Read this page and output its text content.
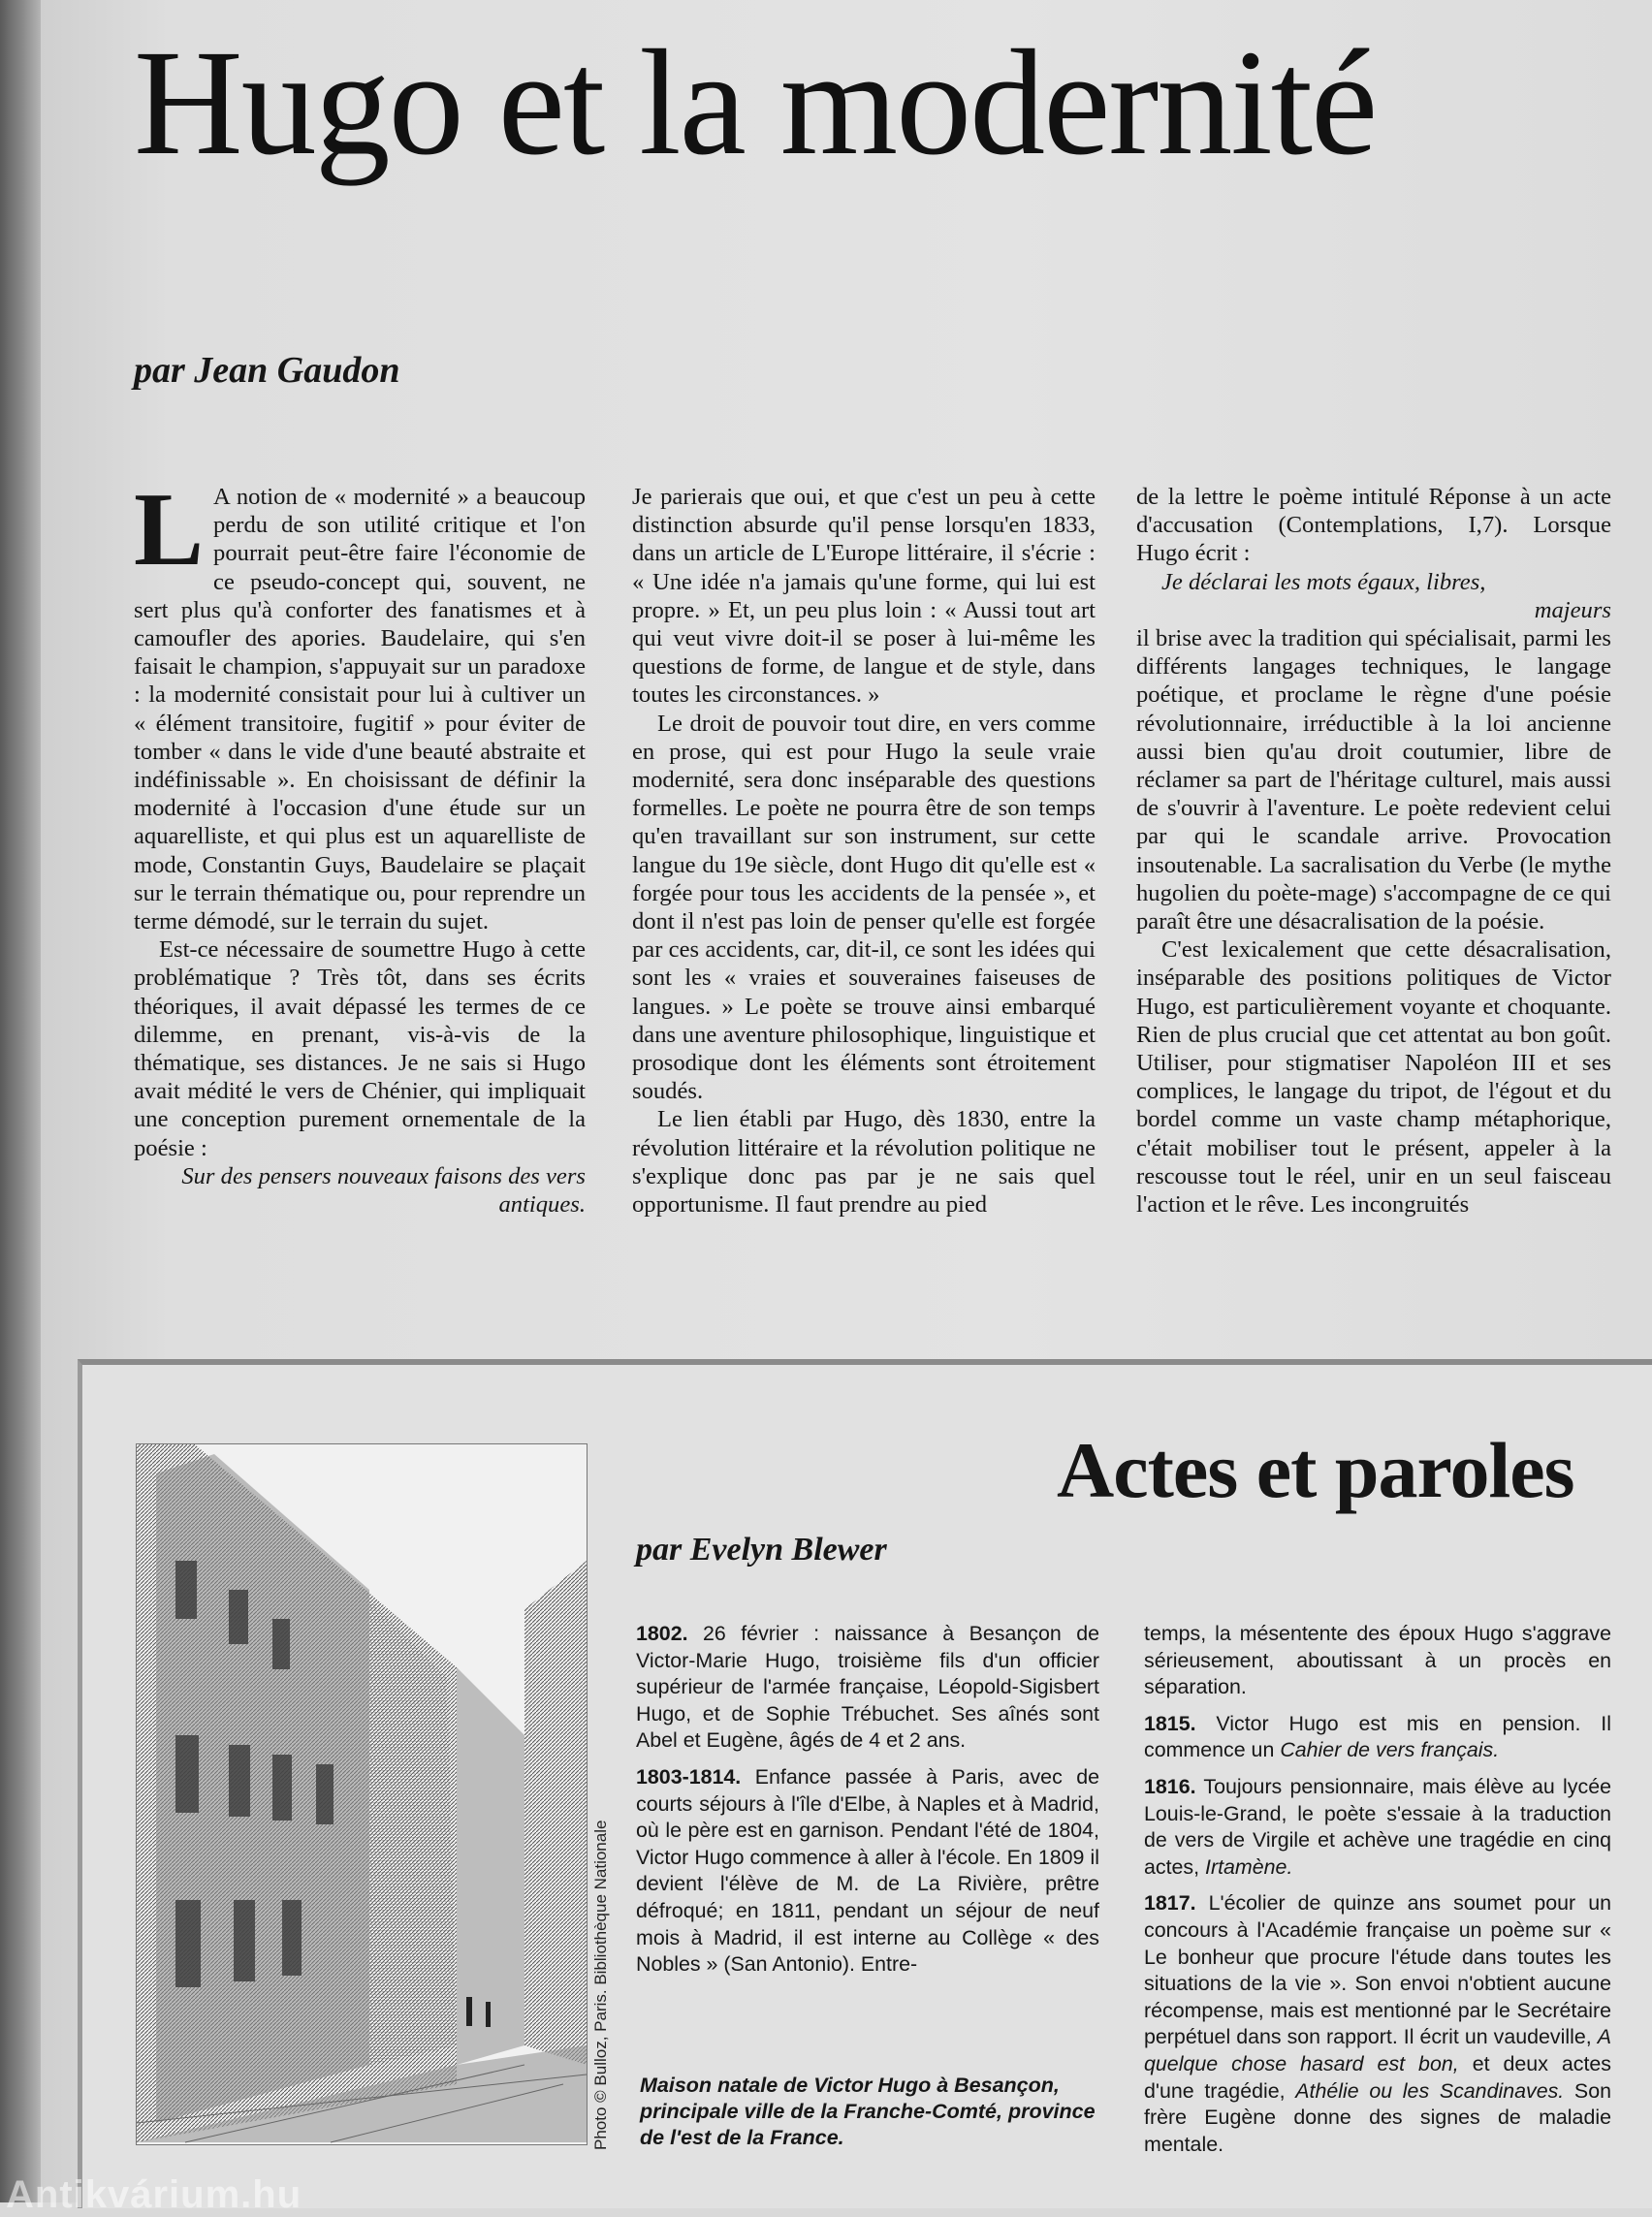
Hugo et la modernité
par Jean Gaudon

L A notion de « modernité » a beaucoup perdu de son utilité critique et l'on pourrait peut-être faire l'économie de ce pseudo-concept qui, souvent, ne sert plus qu'à conforter des fanatismes et à camoufler des apories. Baudelaire, qui s'en faisait le champion, s'appuyait sur un paradoxe : la modernité consistait pour lui à cultiver un « élément transitoire, fugitif » pour éviter de tomber « dans le vide d'une beauté abstraite et indéfinissable ». En choisissant de définir la modernité à l'occasion d'une étude sur un aquarelliste, et qui plus est un aquarelliste de mode, Constantin Guys, Baudelaire se plaçait sur le terrain thématique ou, pour reprendre un terme démodé, sur le terrain du sujet.

Est-ce nécessaire de soumettre Hugo à cette problématique ? Très tôt, dans ses écrits théoriques, il avait dépassé les termes de ce dilemme, en prenant, vis-à-vis de la thématique, ses distances. Je ne sais si Hugo avait médité le vers de Chénier, qui impliquait une conception purement ornementale de la poésie :

Sur des pensers nouveaux faisons des vers antiques.

Je parierais que oui, et que c'est un peu à cette distinction absurde qu'il pense lorsqu'en 1833, dans un article de L'Europe littéraire, il s'écrie : « Une idée n'a jamais qu'une forme, qui lui est propre. » Et, un peu plus loin : « Aussi tout art qui veut vivre doit-il se poser à lui-même les questions de forme, de langue et de style, dans toutes les circonstances. »

Le droit de pouvoir tout dire, en vers comme en prose, qui est pour Hugo la seule vraie modernité, sera donc inséparable des questions formelles. Le poète ne pourra être de son temps qu'en travaillant sur son instrument, sur cette langue du 19e siècle, dont Hugo dit qu'elle est « forgée pour tous les accidents de la pensée », et dont il n'est pas loin de penser qu'elle est forgée par ces accidents, car, dit-il, ce sont les idées qui sont les « vraies et souveraines faiseuses de langues. » Le poète se trouve ainsi embarqué dans une aventure philosophique, linguistique et prosodique dont les éléments sont étroitement soudés.

Le lien établi par Hugo, dès 1830, entre la révolution littéraire et la révolution politique ne s'explique donc pas par je ne sais quel opportunisme. Il faut prendre au pied

de la lettre le poème intitulé Réponse à un acte d'accusation (Contemplations, I,7). Lorsque Hugo écrit :

Je déclarai les mots égaux, libres,
majeurs

il brise avec la tradition qui spécialisait, parmi les différents langages techniques, le langage poétique, et proclame le règne d'une poésie révolutionnaire, irréductible à la loi ancienne aussi bien qu'au droit coutumier, libre de réclamer sa part de l'héritage culturel, mais aussi de s'ouvrir à l'aventure. Le poète redevient celui par qui le scandale arrive. Provocation insoutenable. La sacralisation du Verbe (le mythe hugolien du poète-mage) s'accompagne de ce qui paraît être une désacralisation de la poésie.

C'est lexicalement que cette désacralisation, inséparable des positions politiques de Victor Hugo, est particulièrement voyante et choquante. Rien de plus crucial que cet attentat au bon goût. Utiliser, pour stigmatiser Napoléon III et ses complices, le langage du tripot, de l'égout et du bordel comme un vaste champ métaphorique, c'était mobiliser tout le présent, appeler à la rescousse tout le réel, unir en un seul faisceau l'action et le rêve. Les incongruités

Photo © Bulloz, Paris. Bibliothèque Nationale
Actes et paroles
par Evelyn Blewer

1802. 26 février : naissance à Besançon de Victor-Marie Hugo, troisième fils d'un officier supérieur de l'armée française, Léopold-Sigisbert Hugo, et de Sophie Trébuchet. Ses aînés sont Abel et Eugène, âgés de 4 et 2 ans.

1803-1814. Enfance passée à Paris, avec de courts séjours à l'île d'Elbe, à Naples et à Madrid, où le père est en garnison. Pendant l'été de 1804, Victor Hugo commence à aller à l'école. En 1809 il devient l'élève de M. de La Rivière, prêtre défroqué; en 1811, pendant un séjour de neuf mois à Madrid, il est interne au Collège « des Nobles » (San Antonio). Entre-

Maison natale de Victor Hugo à Besançon, principale ville de la Franche-Comté, province de l'est de la France.

temps, la mésentente des époux Hugo s'aggrave sérieusement, aboutissant à un procès en séparation.

1815. Victor Hugo est mis en pension. Il commence un Cahier de vers français.

1816. Toujours pensionnaire, mais élève au lycée Louis-le-Grand, le poète s'essaie à la traduction de vers de Virgile et achève une tragédie en cinq actes, Irtamène.

1817. L'écolier de quinze ans soumet pour un concours à l'Académie française un poème sur « Le bonheur que procure l'étude dans toutes les situations de la vie ». Son envoi n'obtient aucune récompense, mais est mentionné par le Secrétaire perpétuel dans son rapport. Il écrit un vaudeville, A quelque chose hasard est bon, et deux actes d'une tragédie, Athélie ou les Scandinaves. Son frère Eugène donne des signes de maladie mentale.

Antikvárium.hu
